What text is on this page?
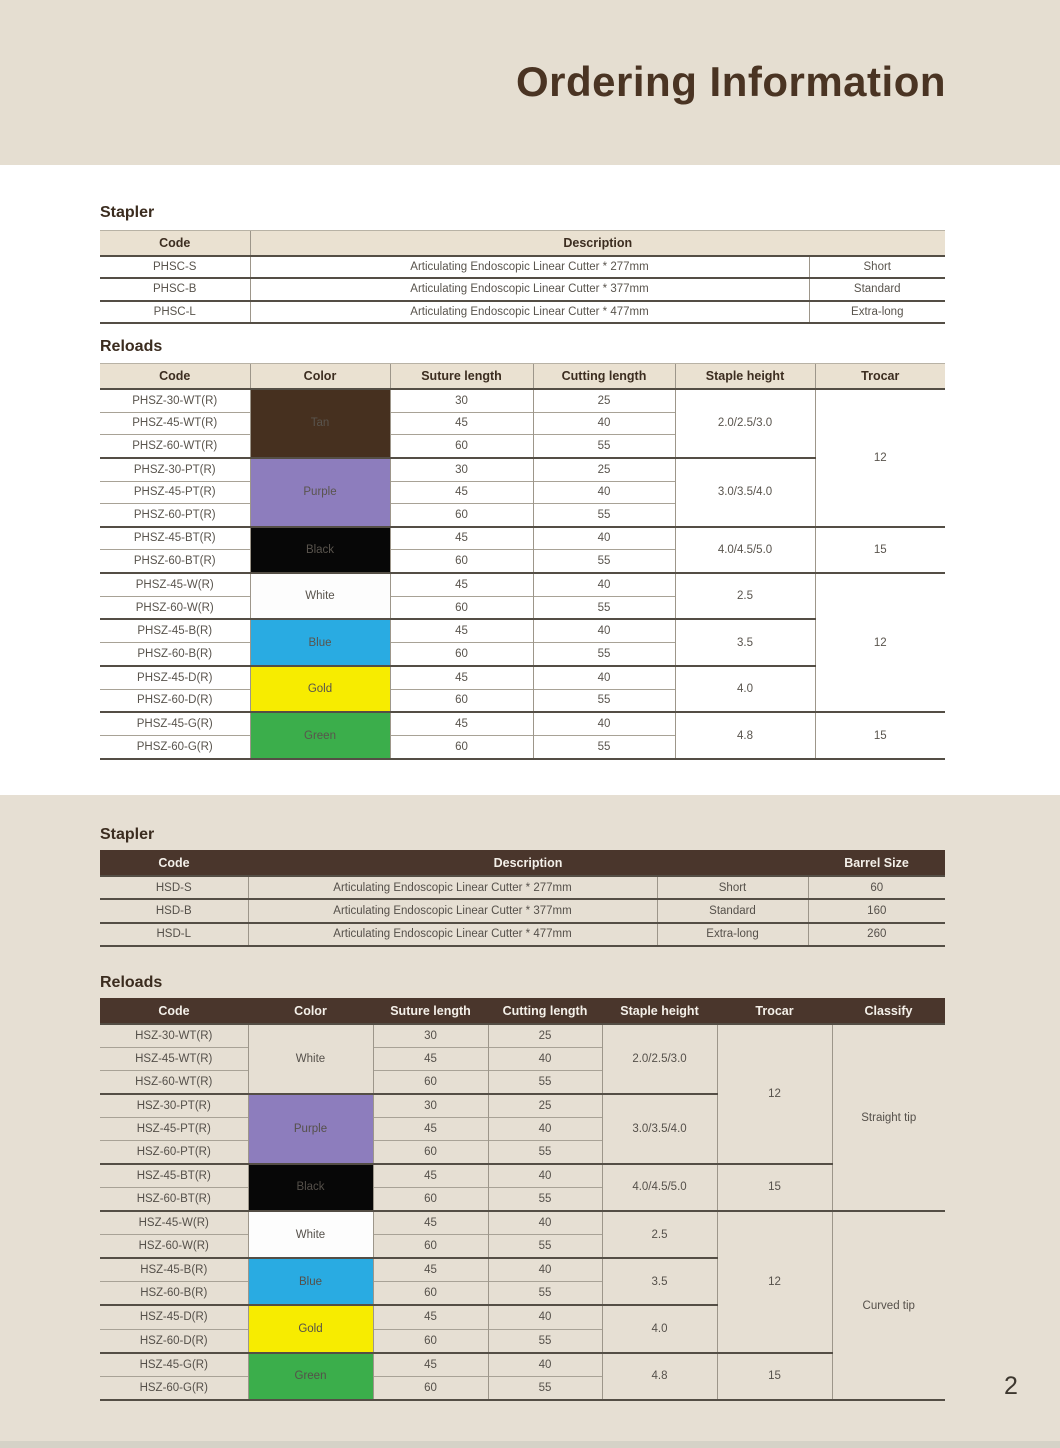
Ordering Information
2
Stapler
Code	Description	
PHSC-S	Articulating Endoscopic Linear Cutter * 277mm	Short
PHSC-B	Articulating Endoscopic Linear Cutter * 377mm	Standard
PHSC-L	Articulating Endoscopic Linear Cutter * 477mm	Extra-long
Reloads
Code	Color	Suture length	Cutting length	Staple height	Trocar
PHSZ-30-WT(R)	Tan	30	25	2.0/2.5/3.0	12
PHSZ-45-WT(R)		45	40		
PHSZ-60-WT(R)		60	55		
PHSZ-30-PT(R)	Purple	30	25	3.0/3.5/4.0	
PHSZ-45-PT(R)		45	40		
PHSZ-60-PT(R)		60	55		
PHSZ-45-BT(R)	Black	45	40	4.0/4.5/5.0	15
PHSZ-60-BT(R)		60	55		
PHSZ-45-W(R)	White	45	40	2.5	12
PHSZ-60-W(R)		60	55		
PHSZ-45-B(R)	Blue	45	40	3.5	
PHSZ-60-B(R)		60	55		
PHSZ-45-D(R)	Gold	45	40	4.0	
PHSZ-60-D(R)		60	55		
PHSZ-45-G(R)	Green	45	40	4.8	15
PHSZ-60-G(R)		60	55		
Stapler
Code	Description		Barrel Size
HSD-S	Articulating Endoscopic Linear Cutter * 277mm	Short	60
HSD-B	Articulating Endoscopic Linear Cutter * 377mm	Standard	160
HSD-L	Articulating Endoscopic Linear Cutter * 477mm	Extra-long	260
Reloads
Code	Color	Suture length	Cutting length	Staple height	Trocar	Classify
HSZ-30-WT(R)	White	30	25	2.0/2.5/3.0	12	Straight tip
HSZ-45-WT(R)		45	40			
HSZ-60-WT(R)		60	55			
HSZ-30-PT(R)	Purple	30	25	3.0/3.5/4.0		
HSZ-45-PT(R)		45	40			
HSZ-60-PT(R)		60	55			
HSZ-45-BT(R)	Black	45	40	4.0/4.5/5.0	15	
HSZ-60-BT(R)		60	55			
HSZ-45-W(R)	White	45	40	2.5	12	Curved tip
HSZ-60-W(R)		60	55			
HSZ-45-B(R)	Blue	45	40	3.5		
HSZ-60-B(R)		60	55			
HSZ-45-D(R)	Gold	45	40	4.0		
HSZ-60-D(R)		60	55			
HSZ-45-G(R)	Green	45	40	4.8	15	
HSZ-60-G(R)		60	55			
